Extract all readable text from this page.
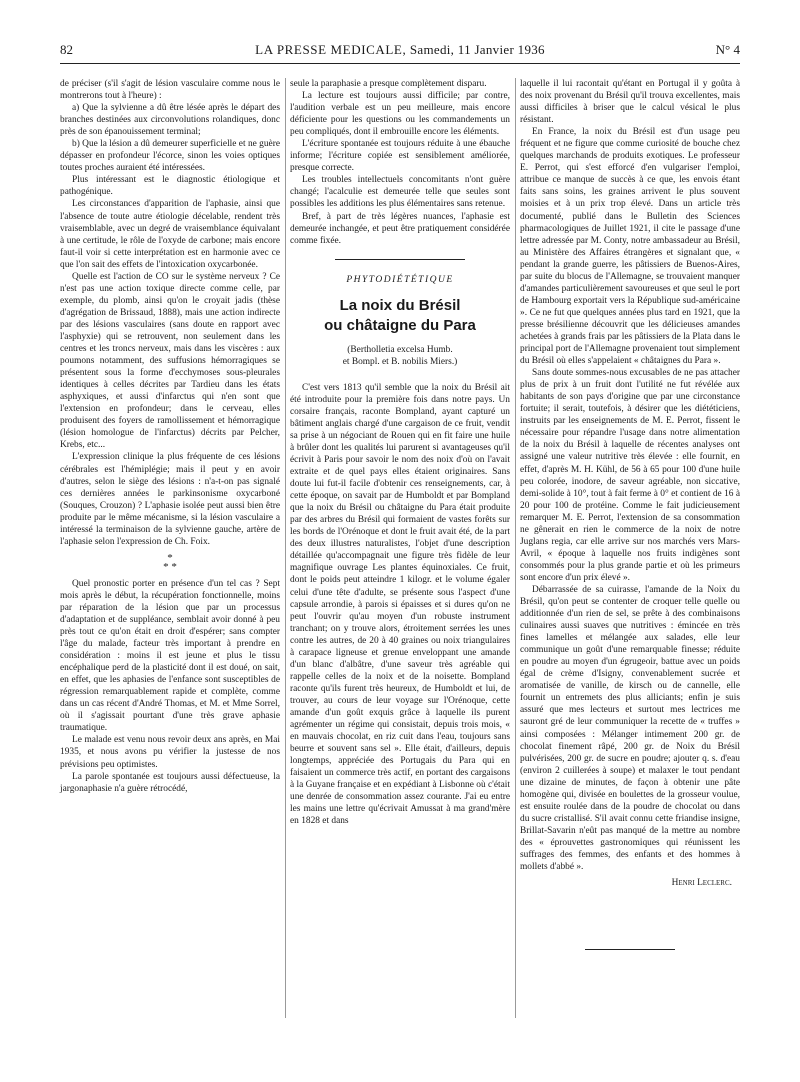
82	LA PRESSE MEDICALE, Samedi, 11 Janvier 1936	N° 4

de préciser (s'il s'agit de lésion vasculaire comme nous le montrerons tout à l'heure) :

a) Que la sylvienne a dû être lésée après le départ des branches destinées aux circonvolutions rolandiques, donc près de son épanouissement terminal;

b) Que la lésion a dû demeurer superficielle et ne guère dépasser en profondeur l'écorce, sinon les voies optiques toutes proches auraient été intéressées.

Plus intéressant est le diagnostic étiologique et pathogénique.

Les circonstances d'apparition de l'aphasie, ainsi que l'absence de toute autre étiologie décelable, rendent très vraisemblable, avec un degré de vraisemblance équivalant à une certitude, le rôle de l'oxyde de carbone; mais encore faut-il voir si cette interprétation est en harmonie avec ce que l'on sait des effets de l'intoxication oxycarbonée.

Quelle est l'action de CO sur le système nerveux ? Ce n'est pas une action toxique directe comme celle, par exemple, du plomb, ainsi qu'on le croyait jadis (thèse d'agrégation de Brissaud, 1888), mais une action indirecte par des lésions vasculaires (sans doute en rapport avec l'asphyxie) qui se retrouvent, non seulement dans les centres et les troncs nerveux, mais dans les viscères : aux poumons notamment, des suffusions hémorragiques se présentent sous la forme d'ecchymoses sous-pleurales identiques à celles décrites par Tardieu dans les états asphyxiques, et aussi d'infarctus qui n'en sont que l'extension en profondeur; dans le cerveau, elles produisent des foyers de ramollissement et hémorragique (lésion homologue de l'infarctus) décrits par Pelcher, Krebs, etc...

L'expression clinique la plus fréquente de ces lésions cérébrales est l'hémiplégie; mais il peut y en avoir d'autres, selon le siège des lésions : n'a-t-on pas signalé ces dernières années le parkinsonisme oxycarboné (Souques, Crouzon) ? L'aphasie isolée peut aussi bien être produite par le même mécanisme, si la lésion vasculaire a intéressé la terminaison de la sylvienne gauche, artère de l'aphasie selon l'expression de Ch. Foix.

*
* *

Quel pronostic porter en présence d'un tel cas ? Sept mois après le début, la récupération fonctionnelle, moins par réparation de la lésion que par un processus d'adaptation et de suppléance, semblait avoir donné à peu près tout ce qu'on était en droit d'espérer; sans compter l'âge du malade, facteur très important à prendre en considération : moins il est jeune et plus le tissu encéphalique perd de la plasticité dont il est doué, on sait, en effet, que les aphasies de l'enfance sont susceptibles de régression remarquablement rapide et complète, comme dans un cas récent d'André Thomas, et M. et Mme Sorrel, où il s'agissait pourtant d'une très grave aphasie traumatique.

Le malade est venu nous revoir deux ans après, en Mai 1935, et nous avons pu vérifier la justesse de nos prévisions peu optimistes.

La parole spontanée est toujours aussi défectueuse, la jargonaphasie n'a guère rétrocédé,

seule la paraphasie a presque complètement disparu.

La lecture est toujours aussi difficile; par contre, l'audition verbale est un peu meilleure, mais encore déficiente pour les questions ou les commandements un peu compliqués, dont il embrouille encore les éléments.

L'écriture spontanée est toujours réduite à une ébauche informe; l'écriture copiée est sensiblement améliorée, presque correcte.

Les troubles intellectuels concomitants n'ont guère changé; l'acalculie est demeurée telle que seules sont possibles les additions les plus élémentaires sans retenue.

Bref, à part de très légères nuances, l'aphasie est demeurée inchangée, et peut être pratiquement considérée comme fixée.

PHYTODIÉTÉTIQUE
La noix du Brésil
ou châtaigne du Para
(Bertholletia excelsa Humb.
et Bompl. et B. nobilis Miers.)

C'est vers 1813 qu'il semble que la noix du Brésil ait été introduite pour la première fois dans notre pays. Un corsaire français, raconte Bompland, ayant capturé un bâtiment anglais chargé d'une cargaison de ce fruit, vendit sa prise à un négociant de Rouen qui en fit faire une huile à brûler dont les qualités lui parurent si avantageuses qu'il écrivit à Paris pour savoir le nom des noix d'où on l'avait extraite et de quel pays elles étaient originaires. Sans doute lui fut-il facile d'obtenir ces renseignements, car, à cette époque, on savait par de Humboldt et par Bompland que la noix du Brésil ou châtaigne du Para était produite par des arbres du Brésil qui formaient de vastes forêts sur les bords de l'Orénoque et dont le fruit avait été, de la part des deux illustres naturalistes, l'objet d'une description détaillée qu'accompagnait une figure très fidèle de leur magnifique ouvrage Les plantes équinoxiales. Ce fruit, dont le poids peut atteindre 1 kilogr. et le volume égaler celui d'une tête d'adulte, se présente sous l'aspect d'une capsule arrondie, à parois si épaisses et si dures qu'on ne peut l'ouvrir qu'au moyen d'un robuste instrument tranchant; on y trouve alors, étroitement serrées les unes contre les autres, de 20 à 40 graines ou noix triangulaires à carapace ligneuse et grenue enveloppant une amande d'un blanc d'albâtre, d'une saveur très agréable qui rappelle celles de la noix et de la noisette. Bompland raconte qu'ils furent très heureux, de Humboldt et lui, de trouver, au cours de leur voyage sur l'Orénoque, cette amande d'un goût exquis grâce à laquelle ils purent agrémenter un régime qui consistait, depuis trois mois, « en mauvais chocolat, en riz cuit dans l'eau, toujours sans beurre et souvent sans sel ». Elle était, d'ailleurs, depuis longtemps, appréciée des Portugais du Para qui en faisaient un commerce très actif, en portant des cargaisons à la Guyane française et en expédiant à Lisbonne où c'était une denrée de consommation assez courante. J'ai eu entre les mains une lettre qu'écrivait Amussat à ma grand'mère en 1828 et dans

laquelle il lui racontait qu'étant en Portugal il y goûta à des noix provenant du Brésil qu'il trouva excellentes, mais aussi difficiles à briser que le calcul vésical le plus résistant.

En France, la noix du Brésil est d'un usage peu fréquent et ne figure que comme curiosité de bouche chez quelques marchands de produits exotiques. Le professeur E. Perrot, qui s'est efforcé d'en vulgariser l'emploi, attribue ce manque de succès à ce que, les envois étant faits sans soins, les graines arrivent le plus souvent moisies et à un prix trop élevé. Dans un article très documenté, publié dans le Bulletin des Sciences pharmacologiques de Juillet 1921, il cite le passage d'une lettre adressée par M. Conty, notre ambassadeur au Brésil, au Ministère des Affaires étrangères et signalant que, « pendant la grande guerre, les pâtissiers de Buenos-Aires, par suite du blocus de l'Allemagne, se trouvaient manquer d'amandes particulièrement savoureuses et que seul le port de Hambourg exportait vers la République sud-américaine ». Ce ne fut que quelques années plus tard en 1921, que la presse brésilienne découvrit que les délicieuses amandes achetées à grands frais par les pâtissiers de la Plata dans le principal port de l'Allemagne provenaient tout simplement du Brésil où elles s'appelaient « châtaignes du Para ».

Sans doute sommes-nous excusables de ne pas attacher plus de prix à un fruit dont l'utilité ne fut révélée aux habitants de son pays d'origine que par une circonstance fortuite; il serait, toutefois, à désirer que les diététiciens, instruits par les enseignements de M. E. Perrot, fissent le nécessaire pour répandre l'usage dans notre alimentation de la noix du Brésil à laquelle de récentes analyses ont assigné une valeur nutritive très élevée : elle fournit, en effet, d'après M. H. Kühl, de 56 à 65 pour 100 d'une huile peu colorée, inodore, de saveur agréable, non siccative, demi-solide à 10°, tout à fait ferme à 0° et contient de 16 à 20 pour 100 de protéine. Comme le fait judicieusement remarquer M. E. Perrot, l'extension de sa consommation ne gênerait en rien le commerce de la noix de notre Juglans regia, car elle arrive sur nos marchés vers Mars-Avril, « époque à laquelle nos fruits indigènes sont consommés pour la plus grande partie et où les primeurs sont encore d'un prix élevé ».

Débarrassée de sa cuirasse, l'amande de la Noix du Brésil, qu'on peut se contenter de croquer telle quelle ou additionnée d'un rien de sel, se prête à des combinaisons culinaires aussi suaves que nutritives : émincée en très fines lamelles et mélangée aux salades, elle leur communique un goût d'une remarquable finesse; réduite en poudre au moyen d'un égrugeoir, battue avec un poids égal de crème d'Isigny, convenablement sucrée et aromatisée de vanille, de kirsch ou de cannelle, elle fournit un entremets des plus alliciants; enfin je suis assuré que mes lecteurs et surtout mes lectrices me sauront gré de leur communiquer la recette de « truffes » ainsi composées : Mélanger intimement 200 gr. de chocolat finement râpé, 200 gr. de Noix du Brésil pulvérisées, 200 gr. de sucre en poudre; ajouter q. s. d'eau (environ 2 cuillerées à soupe) et malaxer le tout pendant une dizaine de minutes, de façon à obtenir une pâte homogène qui, divisée en boulettes de la grosseur voulue, est ensuite roulée dans de la poudre de chocolat ou dans du sucre cristallisé. S'il avait connu cette friandise insigne, Brillat-Savarin n'eût pas manqué de la mettre au nombre des « éprouvettes gastronomiques qui réunissent les suffrages des femmes, des enfants et des hommes à mollets d'abbé ».

Henri Leclerc.
